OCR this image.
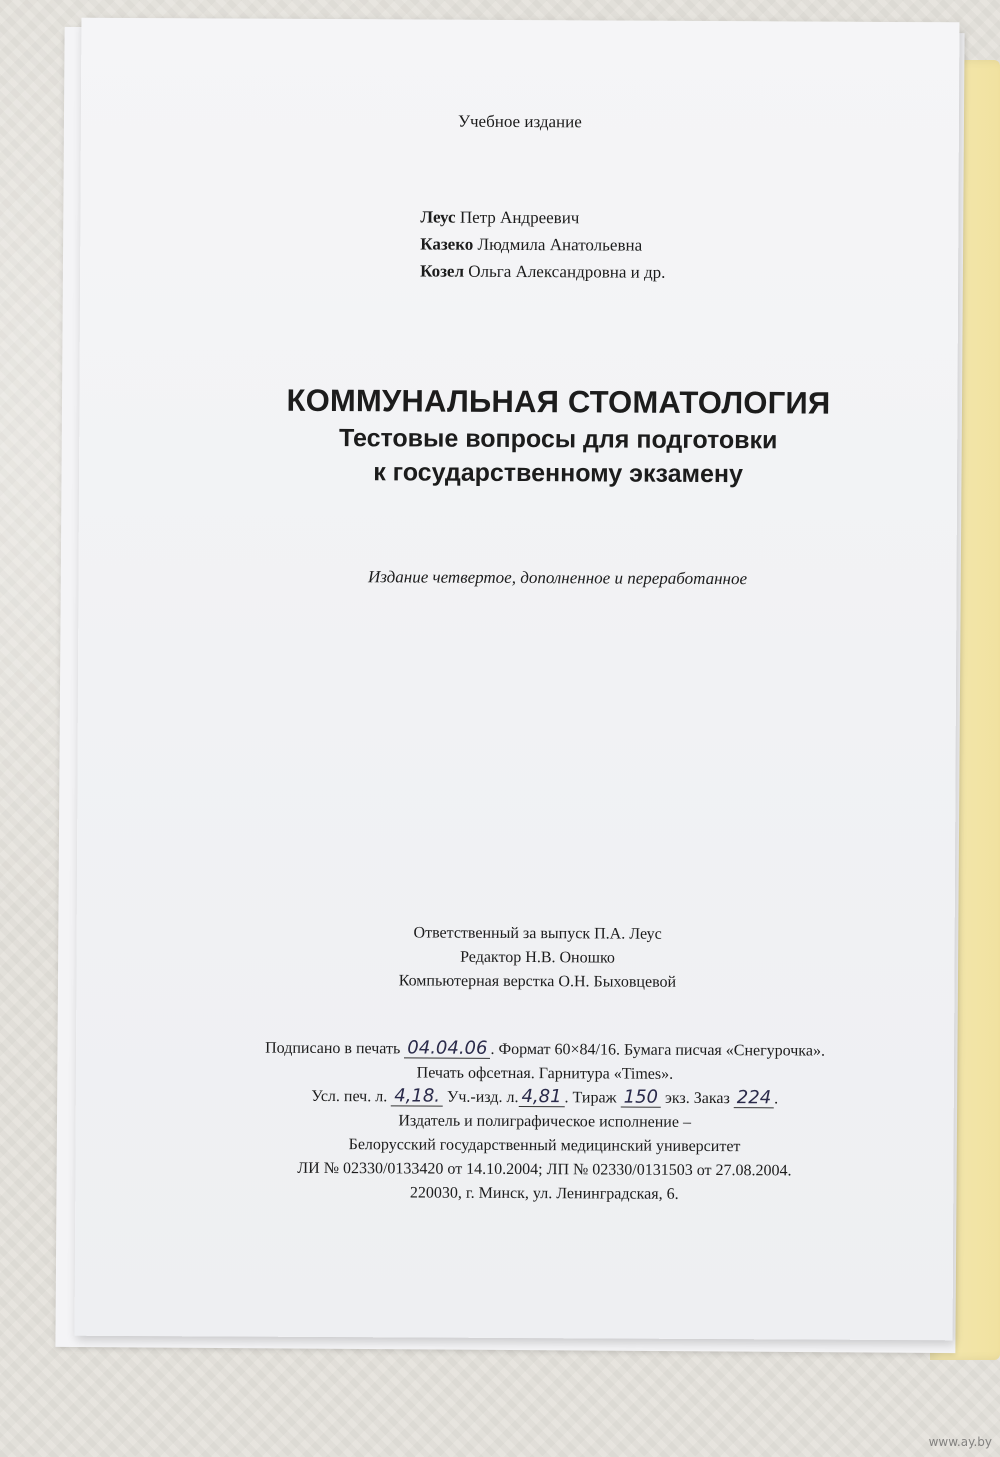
Учебное издание
Леус Петр Андреевич
Казеко Людмила Анатольевна
Козел Ольга Александровна и др.
КОММУНАЛЬНАЯ СТОМАТОЛОГИЯ
Тестовые вопросы для подготовки
к государственному экзамену
Издание четвертое, дополненное и переработанное
Ответственный за выпуск П.А. Леус
Редактор Н.В. Оношко
Компьютерная верстка О.Н. Быховцевой
Подписано в печать 04.04.06 . Формат 60×84/16. Бумага писчая «Снегурочка».
Печать офсетная. Гарнитура «Times».
Усл. печ. л. 4,18. Уч.-изд. л. 4,81 . Тираж 150 экз. Заказ 224 .
Издатель и полиграфическое исполнение –
Белорусский государственный медицинский университет
ЛИ № 02330/0133420 от 14.10.2004; ЛП № 02330/0131503 от 27.08.2004.
220030, г. Минск, ул. Ленинградская, 6.
www.ay.by
